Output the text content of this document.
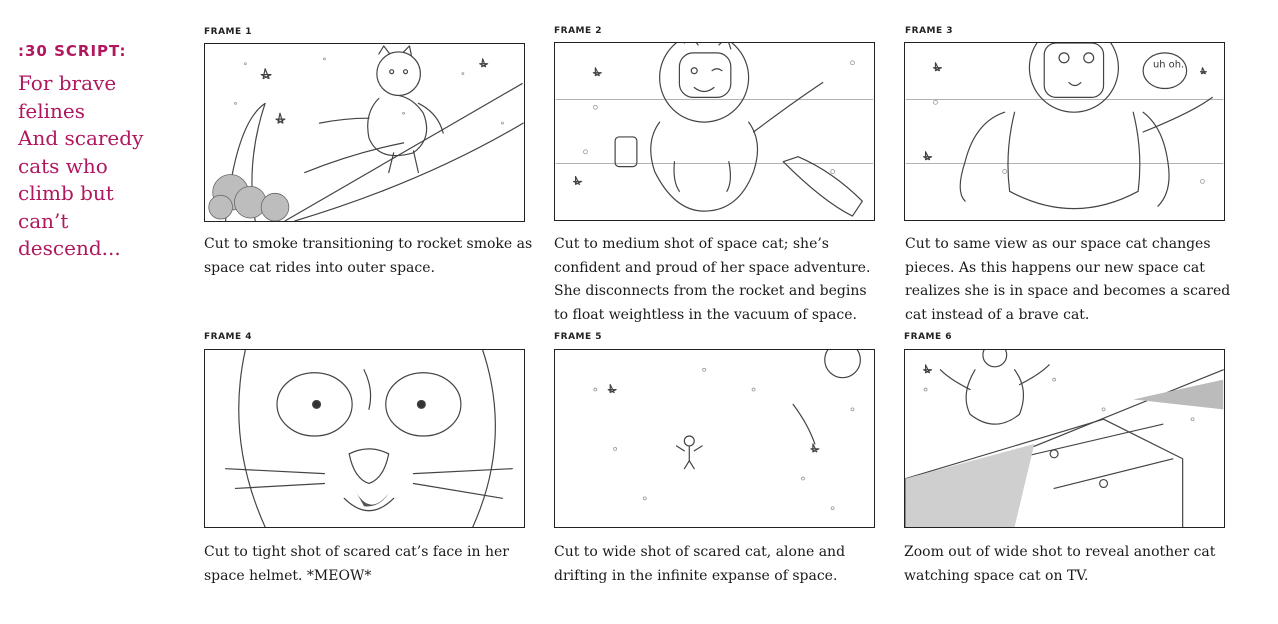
:30 SCRIPT:
For brave
felines
And scaredy
cats who
climb but
can’t
descend...
FRAME 1
Cut to smoke transitioning to rocket smoke as space cat rides into outer space.
FRAME 2
Cut to medium shot of space cat; she’s confident and proud of her space adventure. She disconnects from the rocket and begins to float weightless in the vacuum of space.
FRAME 3
uh oh.
Cut to same view as our space cat changes pieces. As this happens our new space cat realizes she is in space and becomes a scared cat instead of a brave cat.
FRAME 4
Cut to tight shot of scared cat’s face in her space helmet. *MEOW*
FRAME 5
Cut to wide shot of scared cat, alone and drifting in the infinite expanse of space.
FRAME 6
Zoom out of wide shot to reveal another cat watching space cat on TV.
